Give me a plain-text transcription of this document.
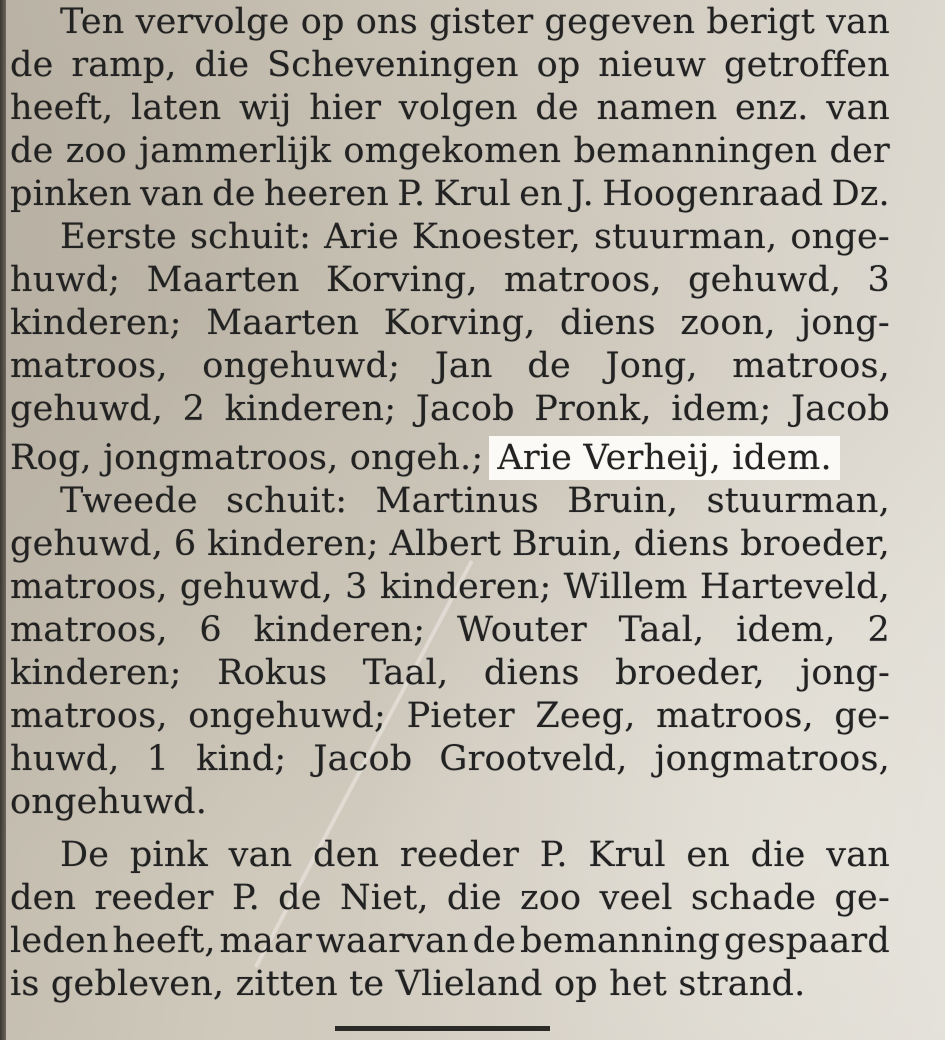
Ten vervolge op ons gister gegeven berigt van
de ramp, die Scheveningen op nieuw getroffen
heeft, laten wij hier volgen de namen enz. van
de zoo jammerlijk omgekomen bemanningen der
pinken van de heeren P. Krul en J. Hoogenraad Dz.
Eerste schuit: Arie Knoester, stuurman, onge-
huwd; Maarten Korving, matroos, gehuwd, 3
kinderen; Maarten Korving, diens zoon, jong-
matroos, ongehuwd; Jan de Jong, matroos,
gehuwd, 2 kinderen; Jacob Pronk, idem; Jacob
Rog, jongmatroos, ongeh.; Arie Verheij, idem.
Tweede schuit: Martinus Bruin, stuurman,
gehuwd, 6 kinderen; Albert Bruin, diens broeder,
matroos, gehuwd, 3 kinderen; Willem Harteveld,
matroos, 6 kinderen; Wouter Taal, idem, 2
kinderen; Rokus Taal, diens broeder, jong-
matroos, ongehuwd; Pieter Zeeg, matroos, ge-
huwd, 1 kind; Jacob Grootveld, jongmatroos,
ongehuwd.
De pink van den reeder P. Krul en die van
den reeder P. de Niet, die zoo veel schade ge-
leden heeft, maar waarvan de bemanning gespaard
is gebleven, zitten te Vlieland op het strand.
